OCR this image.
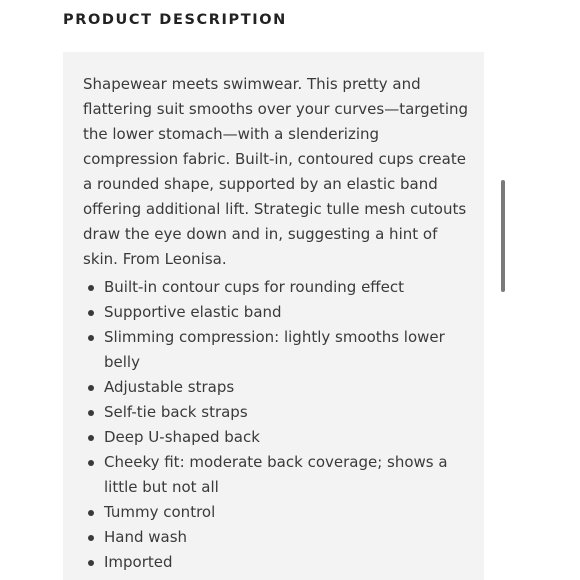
PRODUCT DESCRIPTION

Shapewear meets swimwear. This pretty and flattering suit smooths over your curves—targeting the lower stomach—with a slenderizing compression fabric. Built-in, contoured cups create a rounded shape, supported by an elastic band offering additional lift. Strategic tulle mesh cutouts draw the eye down and in, suggesting a hint of skin. From Leonisa.

Built-in contour cups for rounding effect
Supportive elastic band
Slimming compression: lightly smooths lower belly
Adjustable straps
Self-tie back straps
Deep U-shaped back
Cheeky fit: moderate back coverage; shows a little but not all
Tummy control
Hand wash
Imported
